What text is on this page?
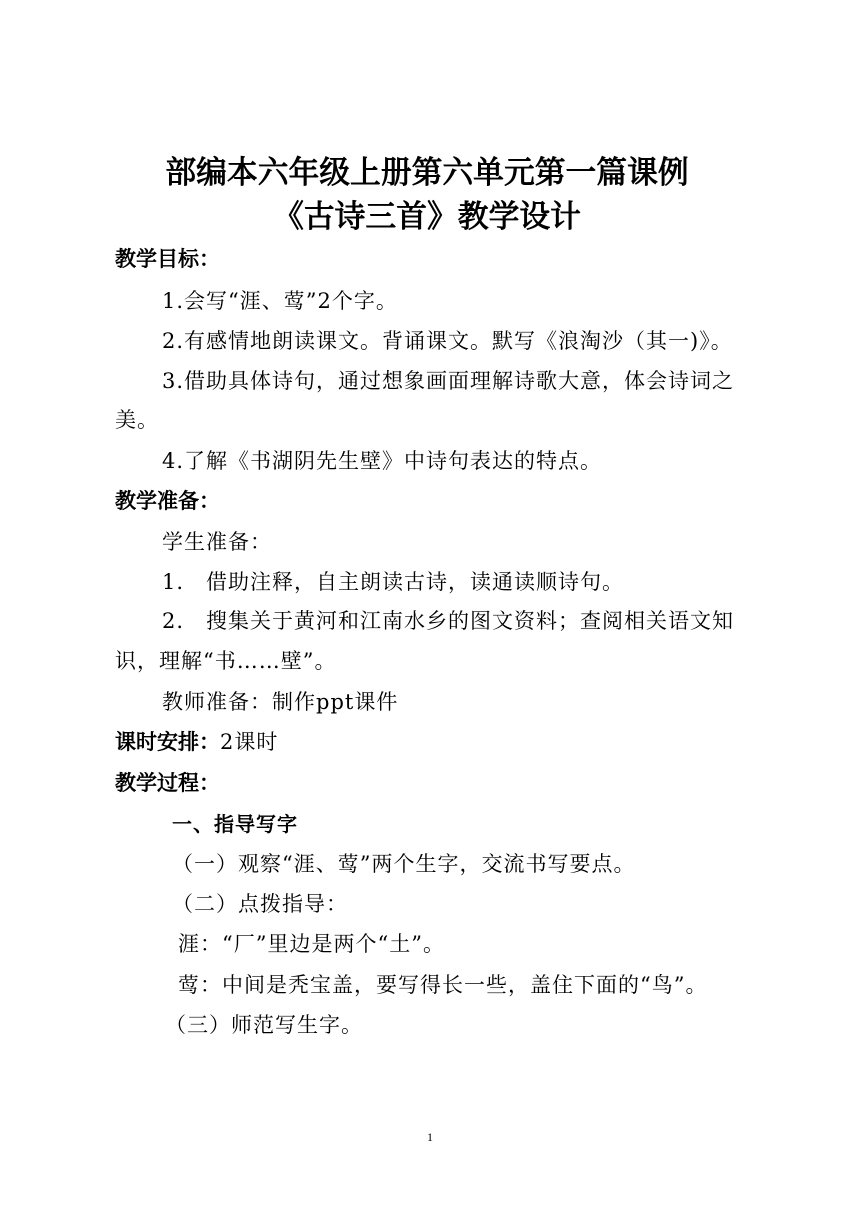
部编本六年级上册第六单元第一篇课例
《古诗三首》教学设计
教学目标：
1.会写“涯、莺”2个字。
2.有感情地朗读课文。背诵课文。默写《浪淘沙（其一)》。
3.借助具体诗句，通过想象画面理解诗歌大意，体会诗词之
美。
4.了解《书湖阴先生壁》中诗句表达的特点。
教学准备：
学生准备：
1.　借助注释，自主朗读古诗，读通读顺诗句。
2.　搜集关于黄河和江南水乡的图文资料；查阅相关语文知
识，理解“书……壁”。
教师准备：制作ppt课件
课时安排：2课时
教学过程：
一、指导写字
（一）观察“涯、莺”两个生字，交流书写要点。
（二）点拨指导：
涯：“厂”里边是两个“土”。
莺：中间是秃宝盖，要写得长一些，盖住下面的“鸟”。
（三）师范写生字。
1
